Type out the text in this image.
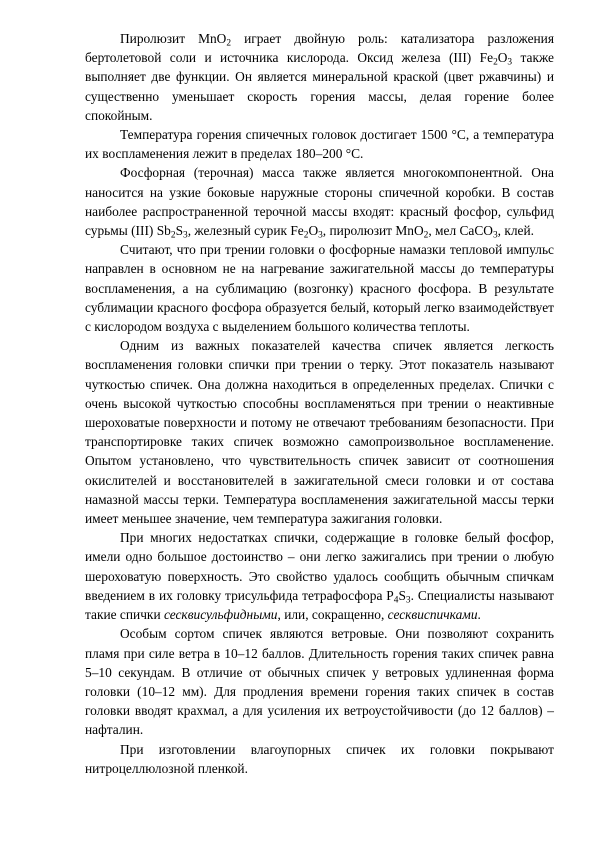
Пиролюзит MnO$_2$ играет двойную роль: катализатора разложения бертолетовой соли и источника кислорода. Оксид железа (III) $Fe_2O_3$ также выполняет две функции. Он является минеральной краской (цвет ржавчины) и существенно уменьшает скорость горения массы, делая горение более спокойным.

Температура горения спичечных головок достигает 1500 °С, а температура их воспламенения лежит в пределах 180–200 °С.

Фосфорная (терочная) масса также является многокомпонентной. Она наносится на узкие боковые наружные стороны спичечной коробки. В состав наиболее распространенной терочной массы входят: красный фосфор, сульфид сурьмы (III) $Sb_2S_3$, железный сурик $Fe_2O_3$, пиролюзит MnO$_2$, мел CaCO$_3$, клей.

Считают, что при трении головки о фосфорные намазки тепловой импульс направлен в основном не на нагревание зажигательной массы до температуры воспламенения, а на сублимацию (возгонку) красного фосфора. В результате сублимации красного фосфора образуется белый, который легко взаимодействует с кислородом воздуха с выделением большого количества теплоты.

Одним из важных показателей качества спичек является легкость воспламенения головки спички при трении о терку. Этот показатель называют чуткостью спичек. Она должна находиться в определенных пределах. Спички с очень высокой чуткостью способны воспламеняться при трении о неактивные шероховатые поверхности и потому не отвечают требованиям безопасности. При транспортировке таких спичек возможно самопроизвольное воспламенение. Опытом установлено, что чувствительность спичек зависит от соотношения окислителей и восстановителей в зажигательной смеси головки и от состава намазной массы терки. Температура воспламенения зажигательной массы терки имеет меньшее значение, чем температура зажигания головки.

При многих недостатках спички, содержащие в головке белый фосфор, имели одно большое достоинство – они легко зажигались при трении о любую шероховатую поверхность. Это свойство удалось сообщить обычным спичкам введением в их головку трисульфида тетрафосфора $P_4S_3$. Специалисты называют такие спички сесквисульфидными, или, сокращенно, сесквиспичками.

Особым сортом спичек являются ветровые. Они позволяют сохранить пламя при силе ветра в 10–12 баллов. Длительность горения таких спичек равна 5–10 секундам. В отличие от обычных спичек у ветровых удлиненная форма головки (10–12 мм). Для продления времени горения таких спичек в состав головки вводят крахмал, а для усиления их ветроустойчивости (до 12 баллов) – нафталин.

При изготовлении влагоупорных спичек их головки покрывают нитроцеллюлозной пленкой.
